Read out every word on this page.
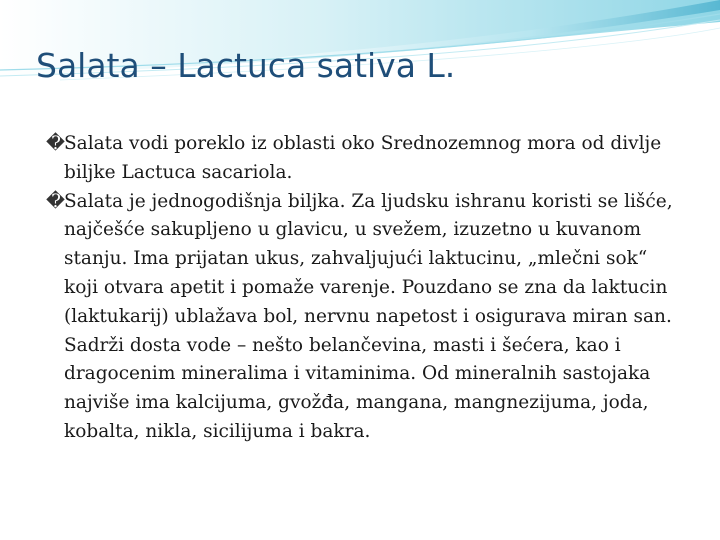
Salata – Lactuca sativa L.

�Salata vodi poreklo iz oblasti oko Srednozemnog mora od divlje biljke Lactuca sacariola.

�Salata je jednogodišnja biljka. Za ljudsku ishranu koristi se lišće, najčešće sakupljeno u glavicu, u svežem, izuzetno u kuvanom stanju. Ima prijatan ukus, zahvaljujući laktucinu, „mlečni sok“ koji otvara apetit i pomaže varenje. Pouzdano se zna da laktucin (laktukarij) ublažava bol, nervnu napetost i osigurava miran san. Sadrži dosta vode – nešto belančevina, masti i šećera, kao i dragocenim mineralima i vitaminima. Od mineralnih sastojaka najviše ima kalcijuma, gvožđa, mangana, mangnezijuma, joda, kobalta, nikla, sicilijuma i bakra.
